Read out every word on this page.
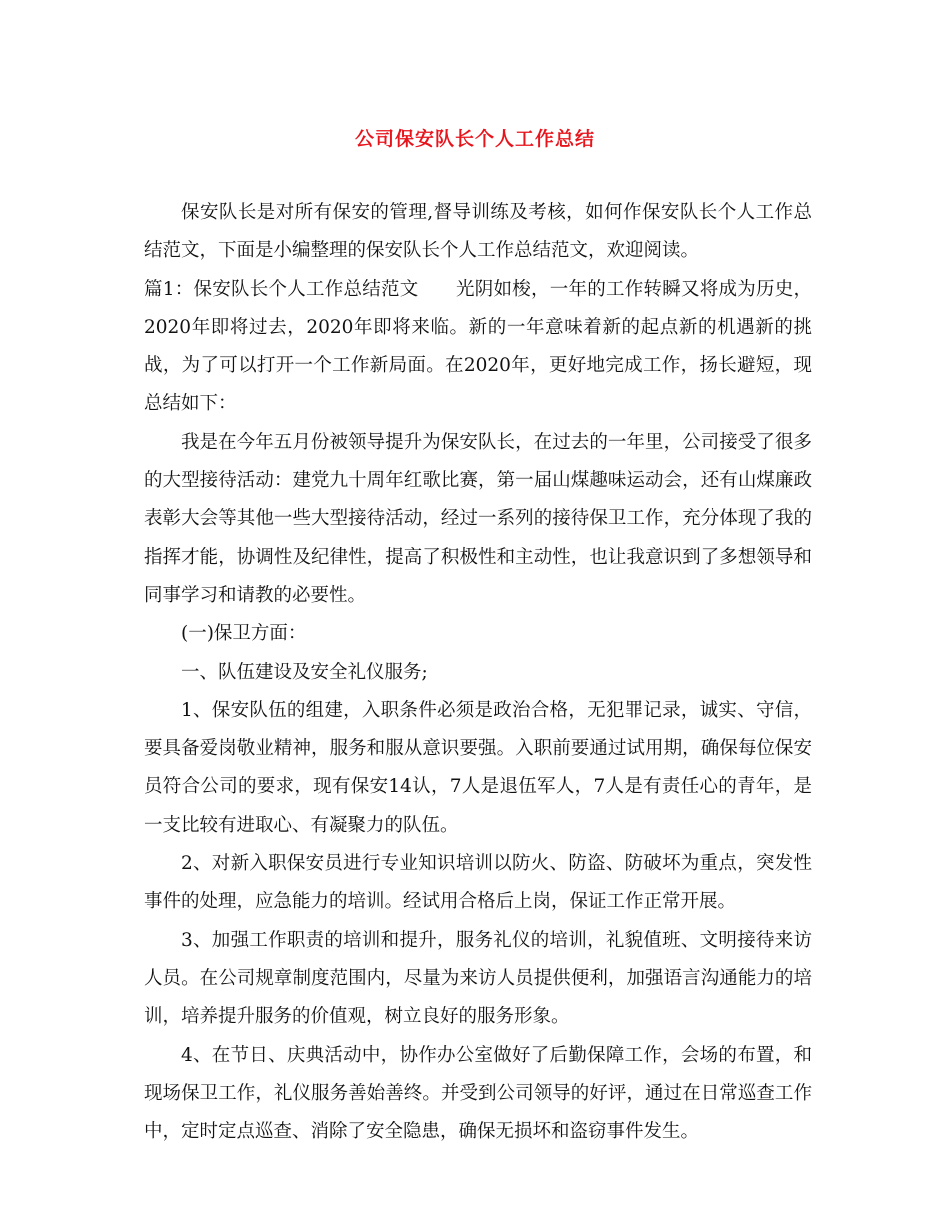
公司保安队长个人工作总结

保安队长是对所有保安的管理,督导训练及考核，如何作保安队长个人工作总结范文，下面是小编整理的保安队长个人工作总结范文，欢迎阅读。

篇1：保安队长个人工作总结范文　　光阴如梭，一年的工作转瞬又将成为历史，2020年即将过去，2020年即将来临。新的一年意味着新的起点新的机遇新的挑战，为了可以打开一个工作新局面。在2020年，更好地完成工作，扬长避短，现总结如下：

我是在今年五月份被领导提升为保安队长，在过去的一年里，公司接受了很多的大型接待活动：建党九十周年红歌比赛，第一届山煤趣味运动会，还有山煤廉政表彰大会等其他一些大型接待活动，经过一系列的接待保卫工作，充分体现了我的指挥才能，协调性及纪律性，提高了积极性和主动性，也让我意识到了多想领导和同事学习和请教的必要性。

(一)保卫方面：

一、队伍建设及安全礼仪服务;

1、保安队伍的组建，入职条件必须是政治合格，无犯罪记录，诚实、守信，要具备爱岗敬业精神，服务和服从意识要强。入职前要通过试用期，确保每位保安员符合公司的要求，现有保安14认，7人是退伍军人，7人是有责任心的青年，是一支比较有进取心、有凝聚力的队伍。

2、对新入职保安员进行专业知识培训以防火、防盗、防破坏为重点，突发性事件的处理，应急能力的培训。经试用合格后上岗，保证工作正常开展。

3、加强工作职责的培训和提升，服务礼仪的培训，礼貌值班、文明接待来访人员。在公司规章制度范围内，尽量为来访人员提供便利，加强语言沟通能力的培训，培养提升服务的价值观，树立良好的服务形象。

4、在节日、庆典活动中，协作办公室做好了后勤保障工作，会场的布置，和现场保卫工作，礼仪服务善始善终。并受到公司领导的好评，通过在日常巡查工作中，定时定点巡查、消除了安全隐患，确保无损坏和盗窃事件发生。
